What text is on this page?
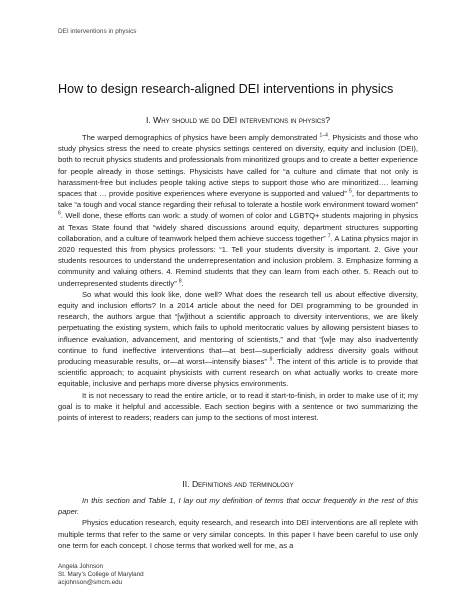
DEI interventions in physics
How to design research-aligned DEI interventions in physics
I. Why should we do DEI interventions in physics?

The warped demographics of physics have been amply demonstrated $^{1-4}$. Physicists and those who study physics stress the need to create physics settings centered on diversity, equity and inclusion (DEI), both to recruit physics students and professionals from minoritized groups and to create a better experience for people already in those settings. Physicists have called for “a culture and climate that not only is harassment-free but includes people taking active steps to support those who are minoritized…. learning spaces that … provide positive experiences where everyone is supported and valued” $^5$, for departments to take “a tough and vocal stance regarding their refusal to tolerate a hostile work environment toward women” $^6$. Well done, these efforts can work: a study of women of color and LGBTQ+ students majoring in physics at Texas State found that “widely shared discussions around equity, department structures supporting collaboration, and a culture of teamwork helped them achieve success together” $^7$. A Latina physics major in 2020 requested this from physics professors: “1. Tell your students diversity is important. 2. Give your students resources to understand the underrepresentation and inclusion problem. 3. Emphasize forming a community and valuing others. 4. Remind students that they can learn from each other. 5. Reach out to underrepresented students directly” $^8$.

So what would this look like, done well? What does the research tell us about effective diversity, equity and inclusion efforts? In a 2014 article about the need for DEI programming to be grounded in research, the authors argue that “[w]ithout a scientific approach to diversity interventions, we are likely perpetuating the existing system, which fails to uphold meritocratic values by allowing persistent biases to influence evaluation, advancement, and mentoring of scientists,” and that “[w]e may also inadvertently continue to fund ineffective interventions that—at best—superficially address diversity goals without producing measurable results, or—at worst—intensify biases” $^9$. The intent of this article is to provide that scientific approach; to acquaint physicists with current research on what actually works to create more equitable, inclusive and perhaps more diverse physics environments.

It is not necessary to read the entire article, or to read it start-to-finish, in order to make use of it; my goal is to make it helpful and accessible. Each section begins with a sentence or two summarizing the points of interest to readers; readers can jump to the sections of most interest.

II. Definitions and terminology

In this section and Table 1, I lay out my definition of terms that occur frequently in the rest of this paper.

Physics education research, equity research, and research into DEI interventions are all replete with multiple terms that refer to the same or very similar concepts. In this paper I have been careful to use only one term for each concept. I chose terms that worked well for me, as a

Angela Johnson
St. Mary’s College of Maryland
acjohnson@smcm.edu
